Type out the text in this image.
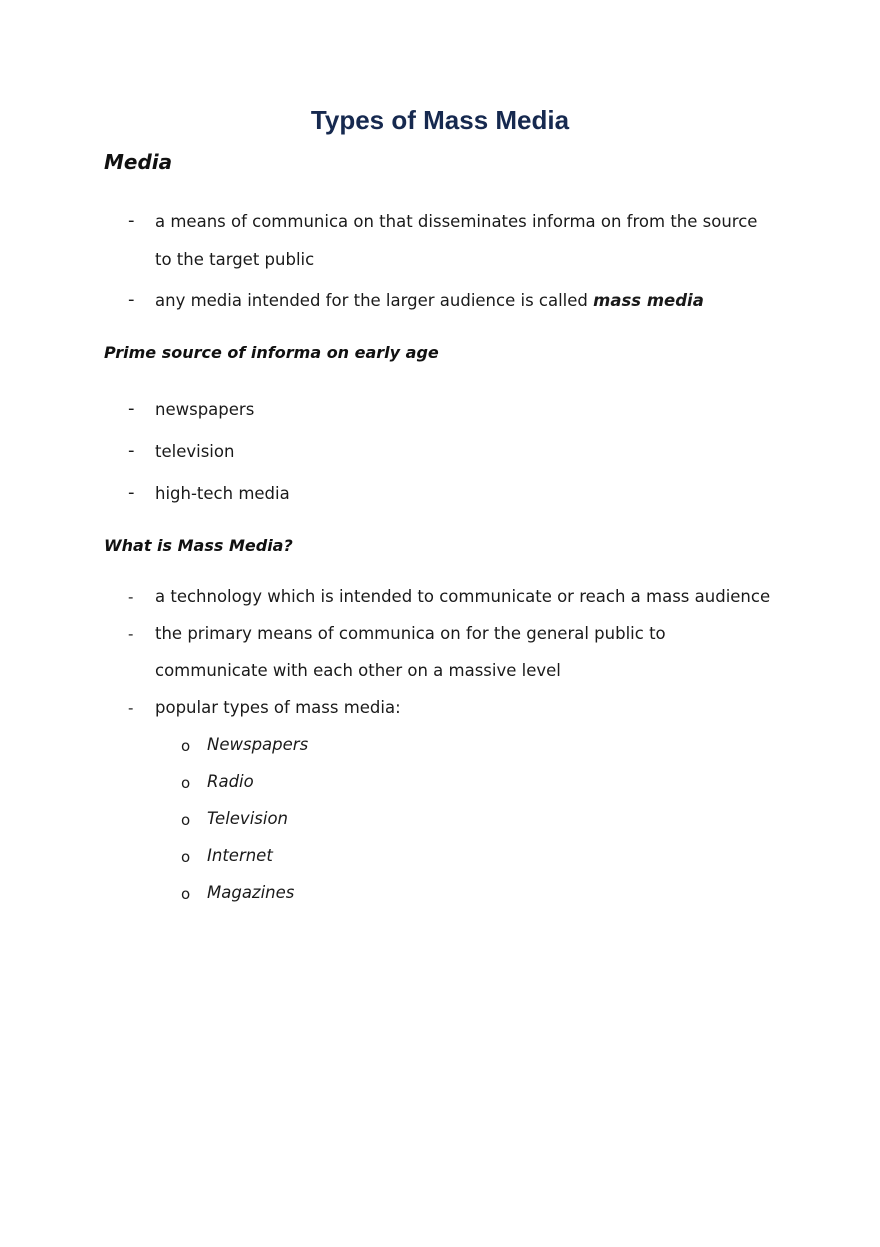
Types of Mass Media
Media
-	a means of communica on that disseminates informa on from the source
to the target public
-	any media intended for the larger audience is called mass media
Prime source of informa on early age
-	newspapers
-	television
-	high-tech media
What is Mass Media?
-	a technology which is intended to communicate or reach a mass audience
-	the primary means of communica on for the general public to
communicate with each other on a massive level
-	popular types of mass media:
o Newspapers
o Radio
o Television
o Internet
o Magazines
